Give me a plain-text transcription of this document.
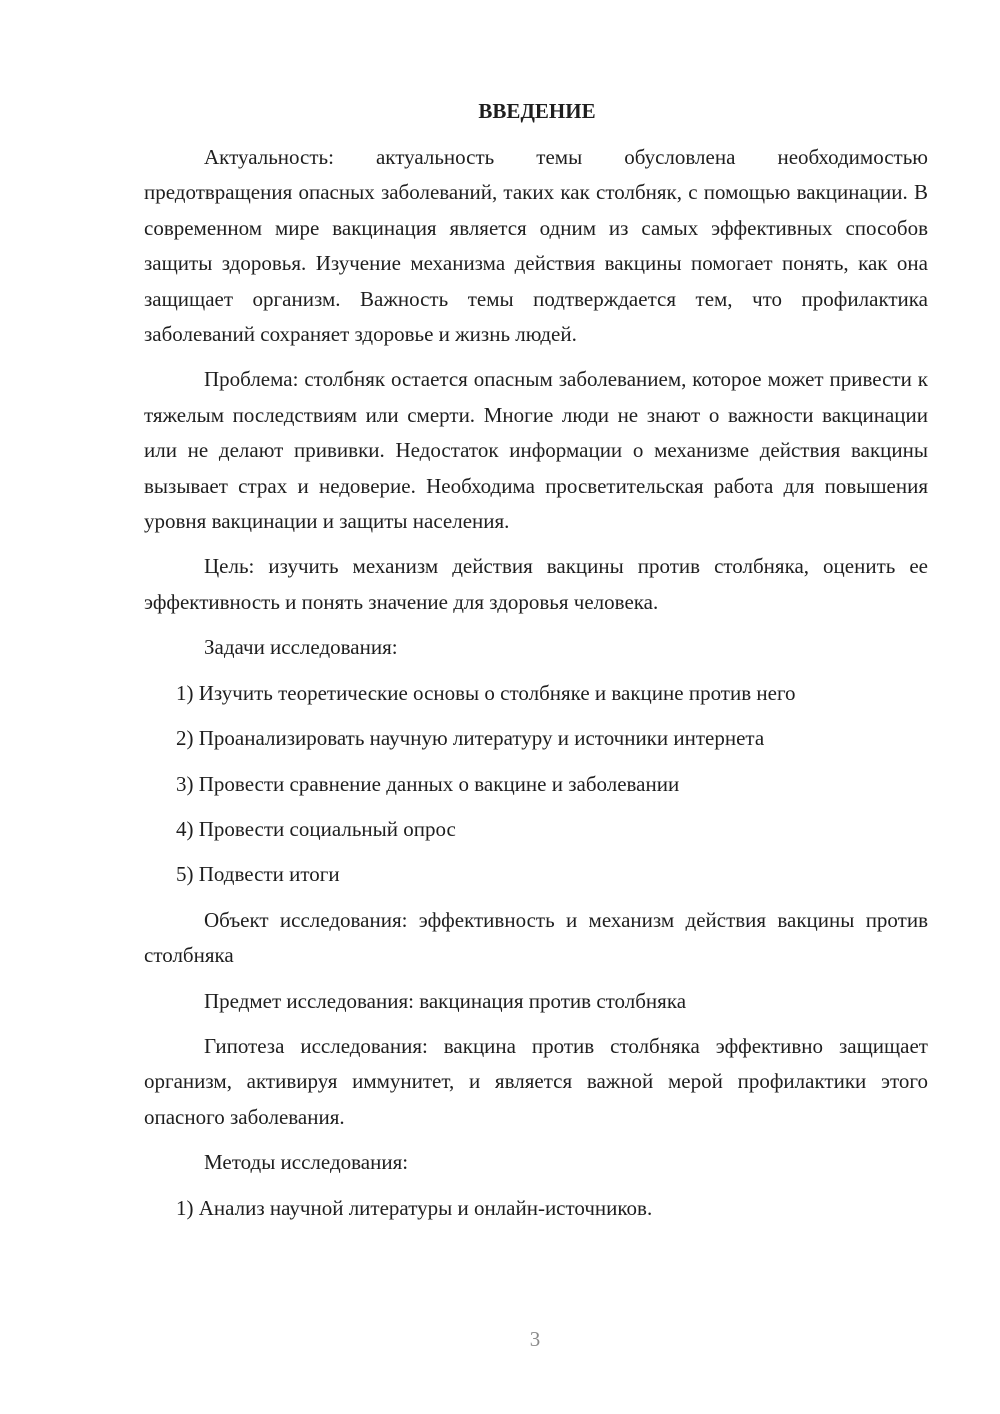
ВВЕДЕНИЕ

Актуальность: актуальность темы обусловлена необходимостью предотвращения опасных заболеваний, таких как столбняк, с помощью вакцинации. В современном мире вакцинация является одним из самых эффективных способов защиты здоровья. Изучение механизма действия вакцины помогает понять, как она защищает организм. Важность темы подтверждается тем, что профилактика заболеваний сохраняет здоровье и жизнь людей.

Проблема: столбняк остается опасным заболеванием, которое может привести к тяжелым последствиям или смерти. Многие люди не знают о важности вакцинации или не делают прививки. Недостаток информации о механизме действия вакцины вызывает страх и недоверие. Необходима просветительская работа для повышения уровня вакцинации и защиты населения.

Цель: изучить механизм действия вакцины против столбняка, оценить ее эффективность и понять значение для здоровья человека.

Задачи исследования:

1) Изучить теоретические основы о столбняке и вакцине против него

2) Проанализировать научную литературу и источники интернета

3) Провести сравнение данных о вакцине и заболевании

4) Провести социальный опрос

5) Подвести итоги

Объект исследования: эффективность и механизм действия вакцины против столбняка

Предмет исследования: вакцинация против столбняка

Гипотеза исследования: вакцина против столбняка эффективно защищает организм, активируя иммунитет, и является важной мерой профилактики этого опасного заболевания.

Методы исследования:

1) Анализ научной литературы и онлайн-источников.

3
